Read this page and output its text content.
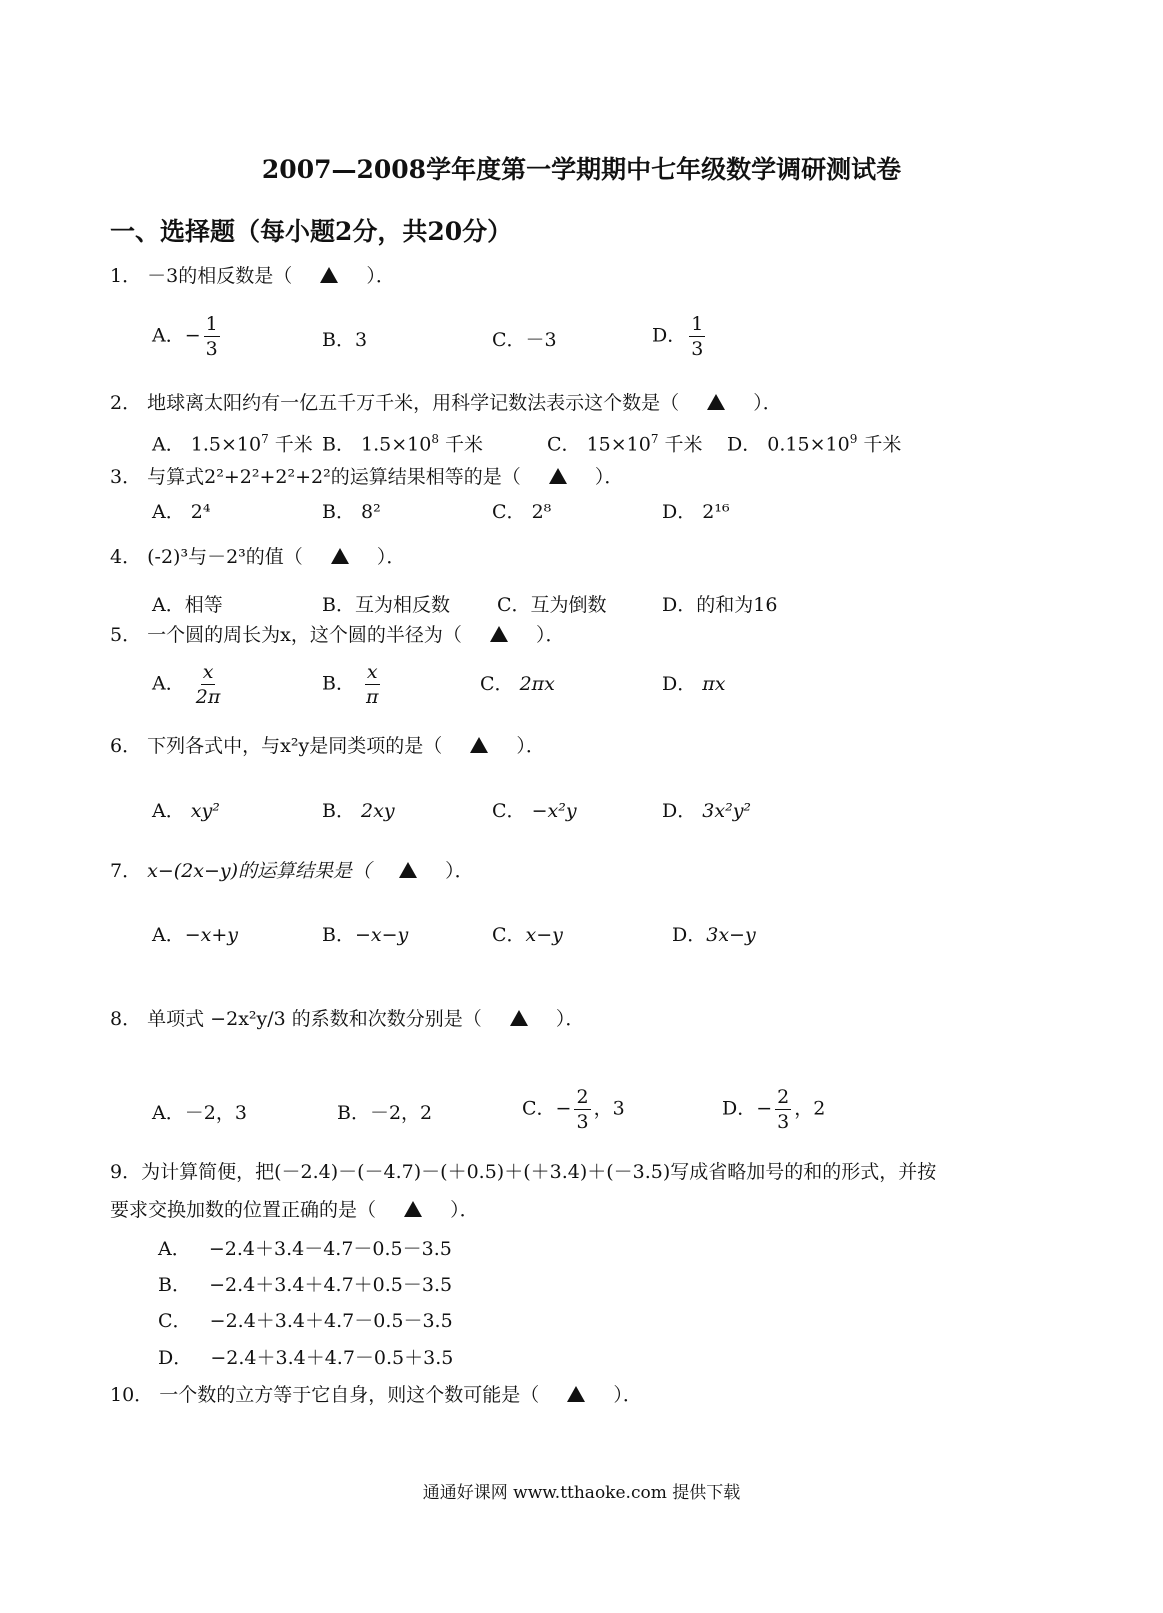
2007—2008学年度第一学期期中七年级数学调研测试卷
一、选择题（每小题2分，共20分）
1． －3的相反数是（	）．
A．− $\frac{1}{3}$	B．3	C．－3	D． $\frac{1}{3}$
2． 地球离太阳约有一亿五千万千米，用科学记数法表示这个数是（	）．
A． $1.5\times 10^7$ 千米 B． $1.5\times 10^8$ 千米	C． $15\times 10^7$ 千米 D． $0.15\times 10^9$ 千米
3． 与算式2²+2²+2²+2²的运算结果相等的是（	）．
A． 2⁴	B． 8²	C． 2⁸	D． 2¹⁶
4． (-2)³与－2³的值（	）．
A．相等	B．互为相反数 C．互为倒数	D．的和为16
5． 一个圆的周长为x，这个圆的半径为（	）．
A． $\frac{x}{2\pi}$	B． $\frac{x}{\pi}$	C． 2πx	D． πx
6． 下列各式中，与x²y是同类项的是（	）．
A． xy²	B． 2xy	C． −x²y	D． 3x²y²
7． x−(2x−y)的运算结果是（	）．
A．−x+y	B．−x−y	C．x−y	D．3x−y
8． 单项式 −2x²y/3 的系数和次数分别是（	）．
A．－2，3	B．－2，2	C．− $\frac{2}{3}$ ，3	D．− $\frac{2}{3}$ ，2
9．为计算简便，把(－2.4)－(－4.7)－(＋0.5)＋(＋3.4)＋(－3.5)写成省略加号的和的形式，并按
要求交换加数的位置正确的是（	）．
A． −2.4＋3.4－4.7－0.5－3.5
B． −2.4＋3.4＋4.7＋0.5－3.5
C． −2.4＋3.4＋4.7－0.5－3.5
D． −2.4＋3.4＋4.7－0.5＋3.5
10． 一个数的立方等于它自身，则这个数可能是（	）．
通通好课网 www.tthaoke.com 提供下载
